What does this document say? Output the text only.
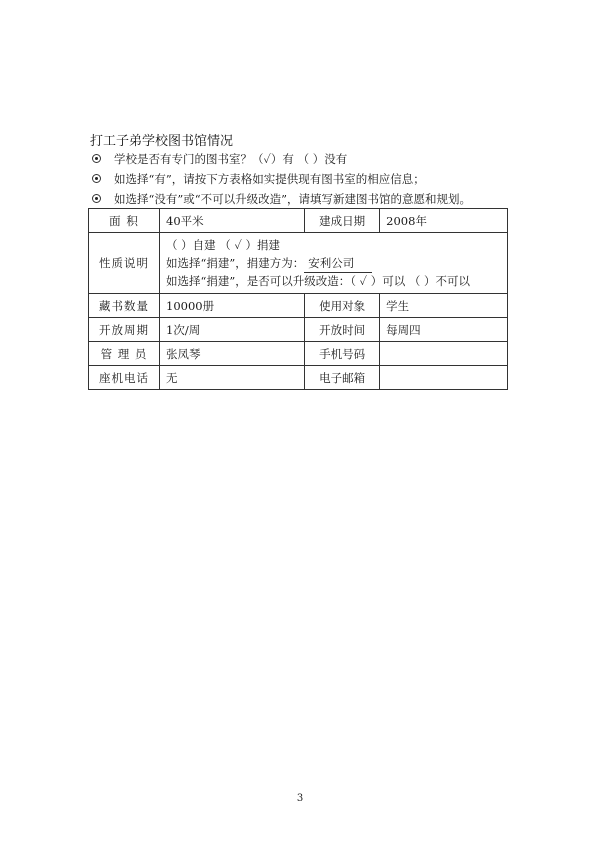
打工子弟学校图书馆情况
学校是否有专门的图书室？（✓）有 （ ）没有
如选择“有”，请按下方表格如实提供现有图书室的相应信息；
如选择“没有”或“不可以升级改造”，请填写新建图书馆的意愿和规划。
面 积	40平米	建成日期	2008年
性质说明	（ ）自建 （ ✓ ）捐建
如选择“捐建”，捐建方为： 安利公司
如选择“捐建”，是否可以升级改造：（ ✓ ）可以 （ ）不可以		

藏书数量	10000册	使用对象	学生
开放周期	1次/周	开放时间	每周四
管 理 员	张凤琴	手机号码	
座机电话	无	电子邮箱	
3
